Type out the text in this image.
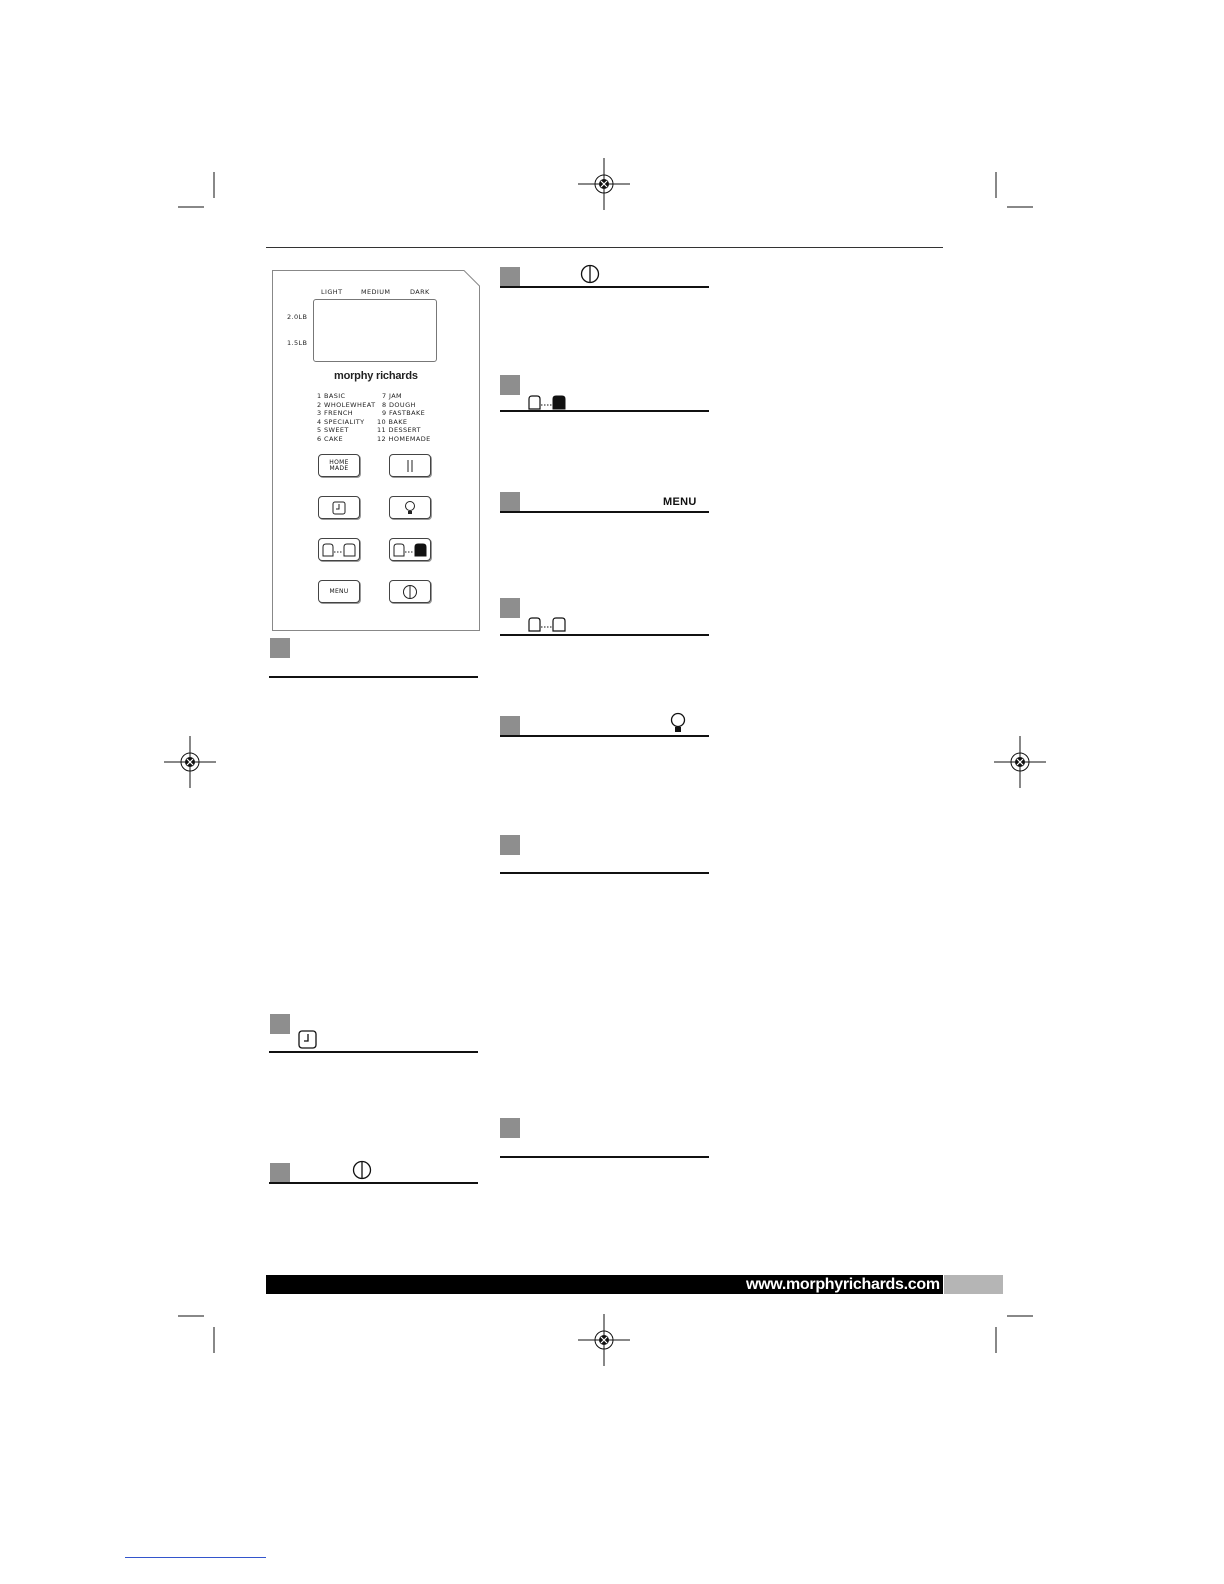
LIGHT	MEDIUM	DARK
2.0LB
1.5LB
morphy richards
1 BASIC
2 WHOLEWHEAT
3 FRENCH
4 SPECIALITY
5 SWEET
6 CAKE
7 JAM
8 DOUGH
9 FASTBAKE
10 BAKE
11 DESSERT
12 HOMEMADE
HOME MADE
MENU
MENU
www.morphyrichards.com
